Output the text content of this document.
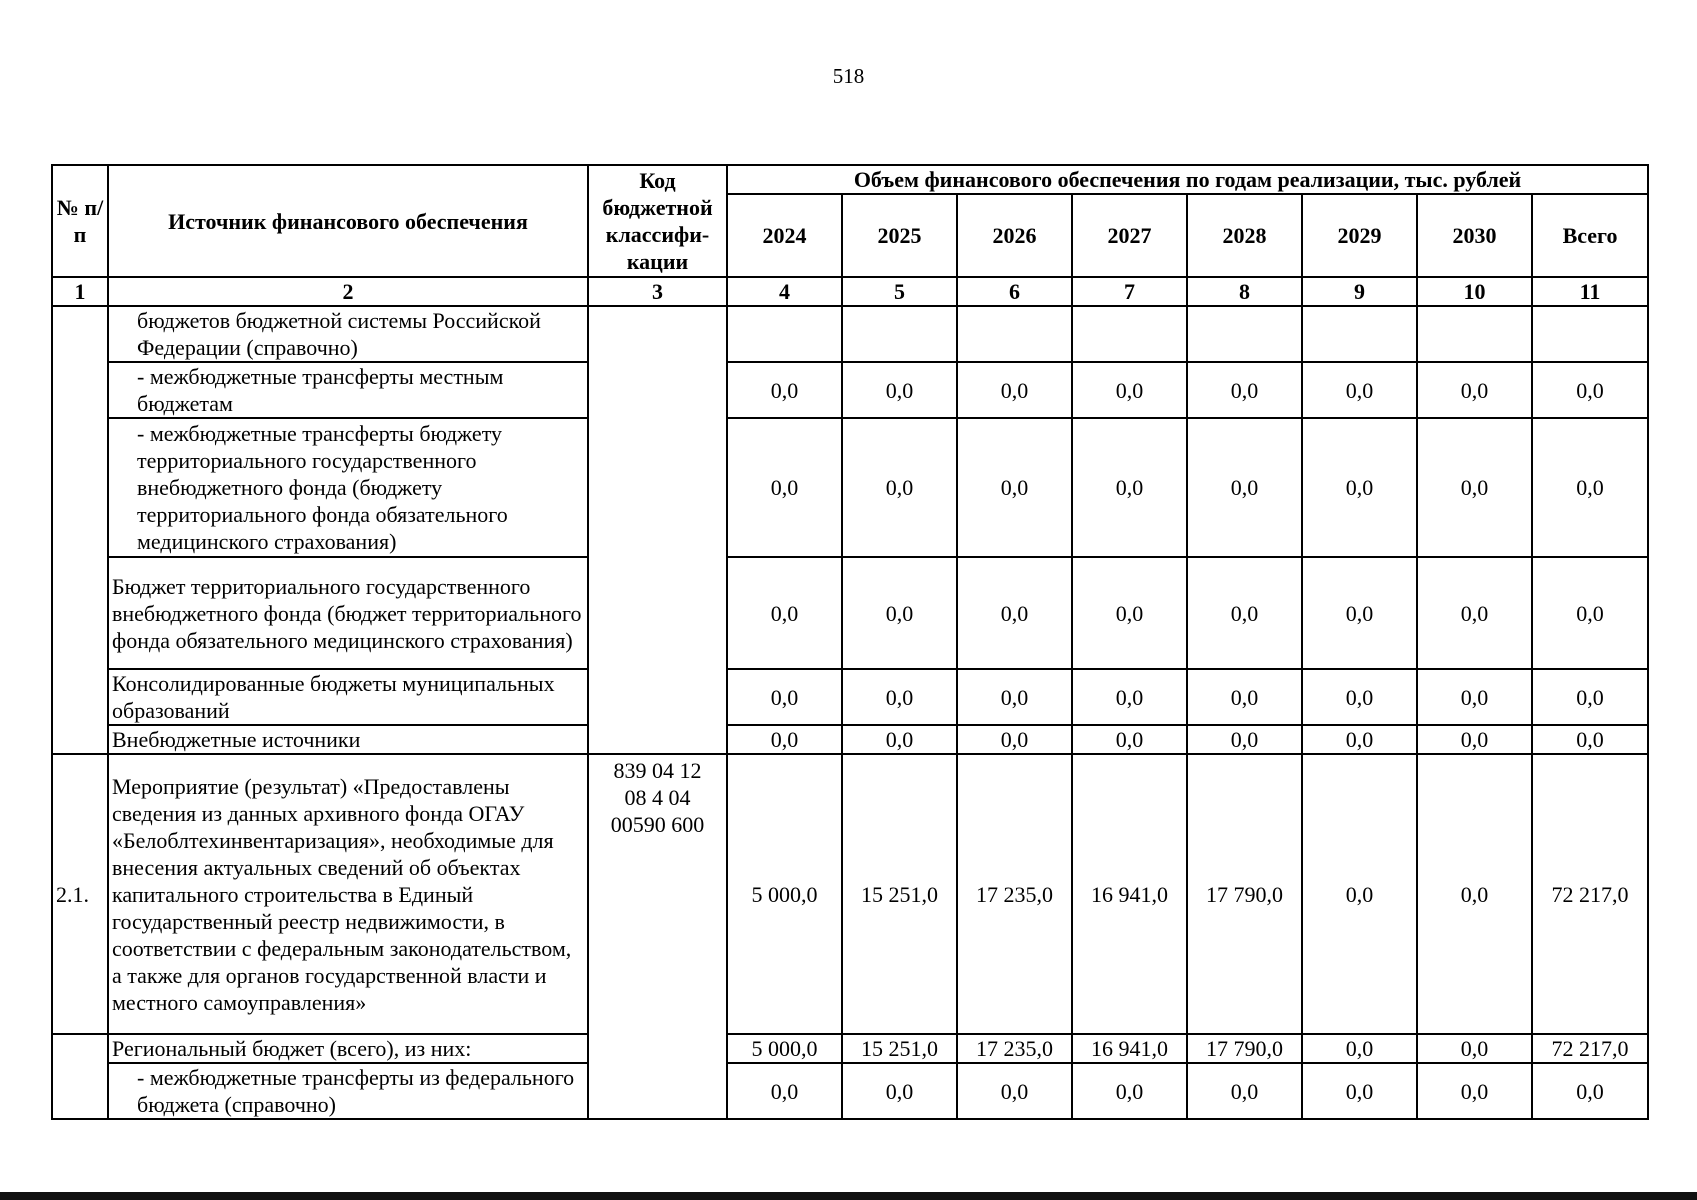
518
№ п/п	Источник финансового обеспечения	Код бюджетной классифи-кации	Объем финансового обеспечения по годам реализации, тыс. рублей							
			2024	2025	2026	2027	2028	2029	2030	Всего
1	2	3	4	5	6	7	8	9	10	11
	бюджетов бюджетной системы Российской Федерации (справочно)									
	- межбюджетные трансферты местным бюджетам		0,0	0,0	0,0	0,0	0,0	0,0	0,0	0,0
	- межбюджетные трансферты бюджету территориального государственного внебюджетного фонда (бюджету территориального фонда обязательного медицинского страхования)		0,0	0,0	0,0	0,0	0,0	0,0	0,0	0,0
	Бюджет территориального государственного внебюджетного фонда (бюджет территориального фонда обязательного медицинского страхования)		0,0	0,0	0,0	0,0	0,0	0,0	0,0	0,0
	Консолидированные бюджеты муниципальных образований		0,0	0,0	0,0	0,0	0,0	0,0	0,0	0,0
	Внебюджетные источники		0,0	0,0	0,0	0,0	0,0	0,0	0,0	0,0
2.1.	Мероприятие (результат) «Предоставлены сведения из данных архивного фонда ОГАУ «Белоблтехинвентаризация», необходимые для внесения актуальных сведений об объектах капитального строительства в Единый государственный реестр недвижимости, в соответствии с федеральным законодательством, а также для органов государственной власти и местного самоуправления»	839 04 12 08 4 04 00590 600	5 000,0	15 251,0	17 235,0	16 941,0	17 790,0	0,0	0,0	72 217,0
	Региональный бюджет (всего), из них:		5 000,0	15 251,0	17 235,0	16 941,0	17 790,0	0,0	0,0	72 217,0
	- межбюджетные трансферты из федерального бюджета (справочно)		0,0	0,0	0,0	0,0	0,0	0,0	0,0	0,0
